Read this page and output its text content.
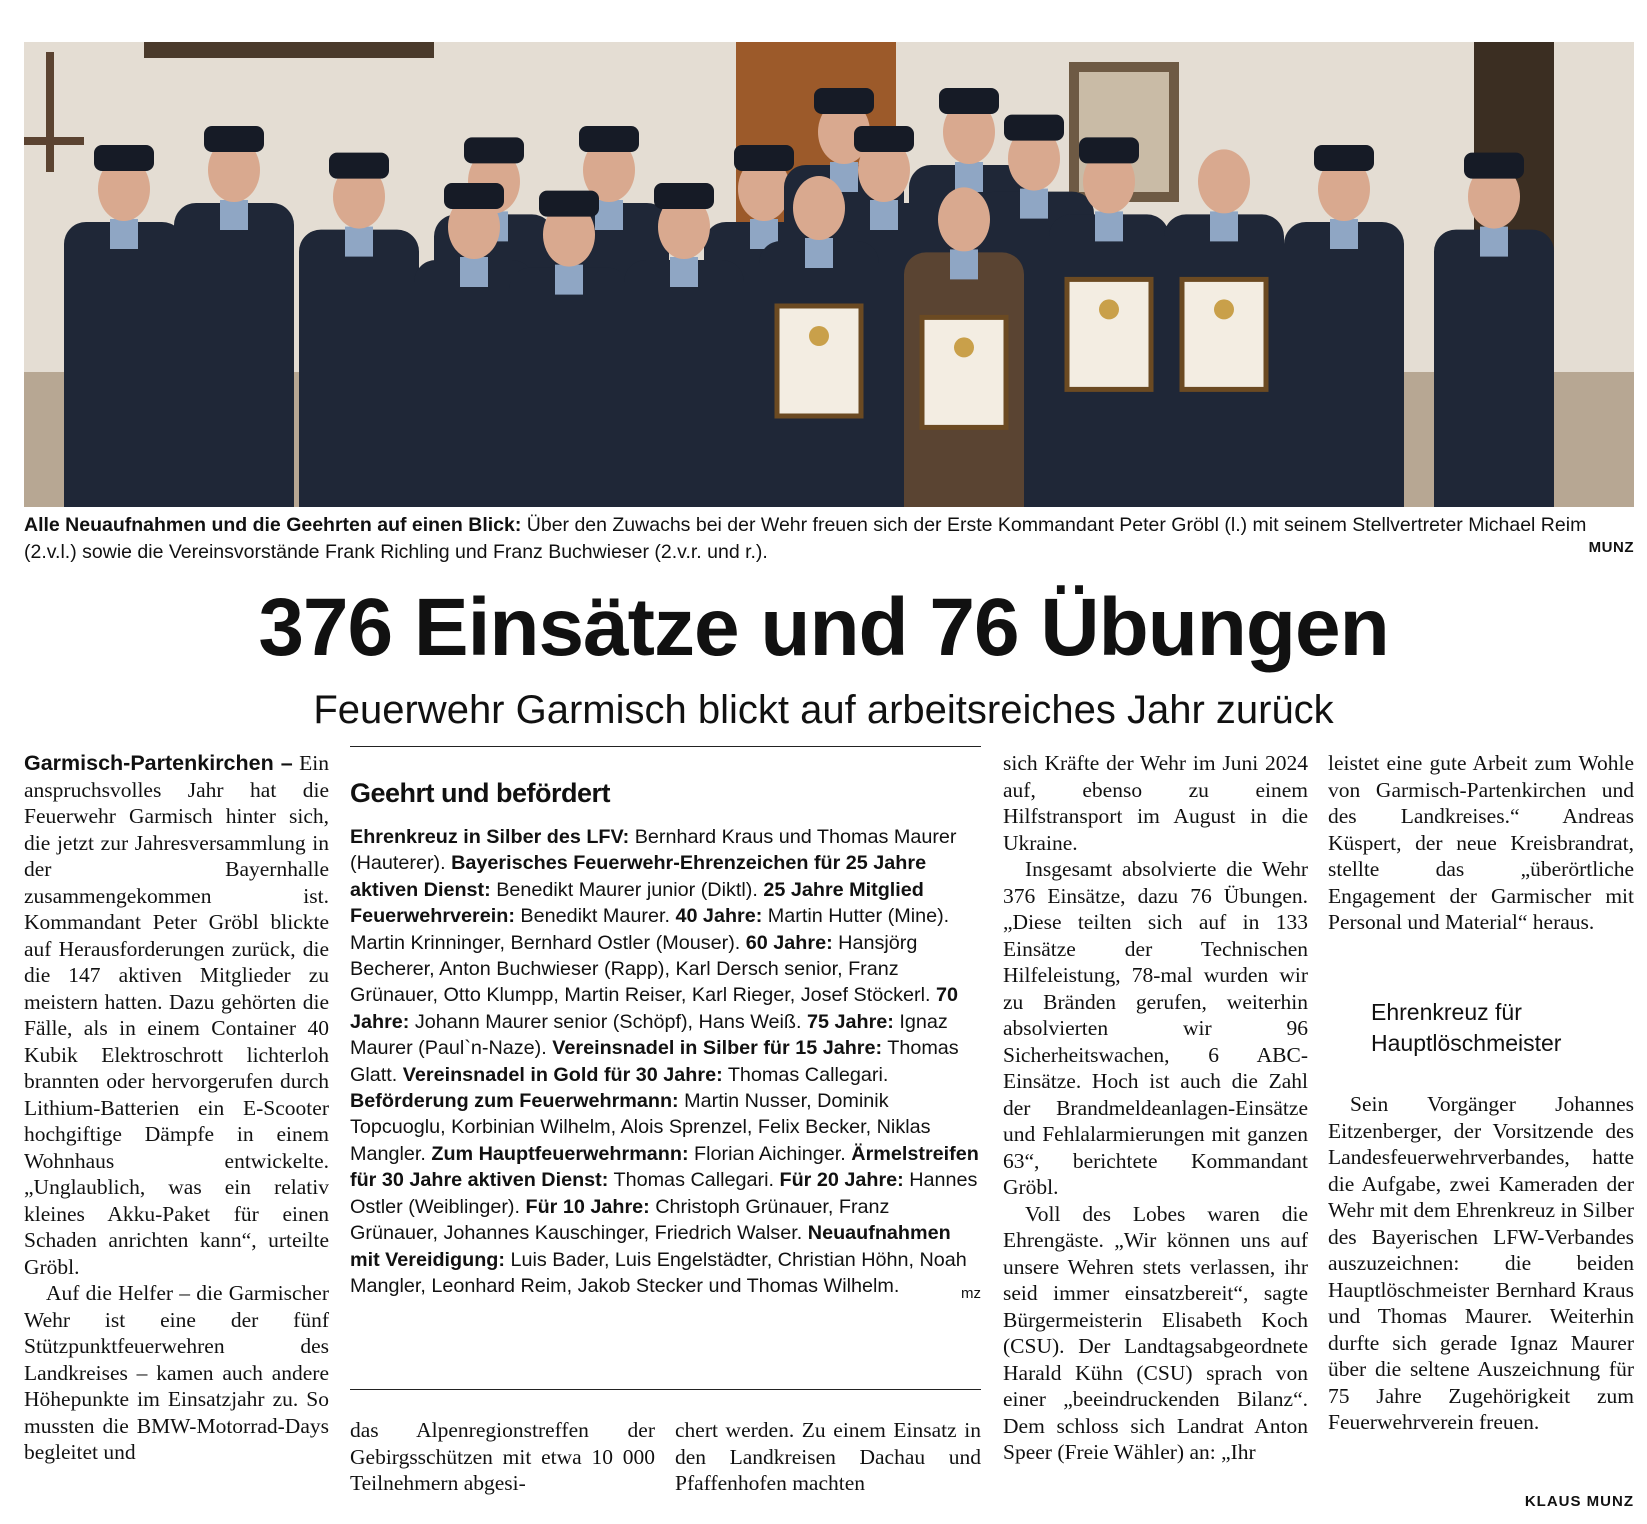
Alle Neuaufnahmen und die Geehrten auf einen Blick: Über den Zuwachs bei der Wehr freuen sich der Erste Kommandant Peter Gröbl (l.) mit seinem Stellvertreter Michael Reim (2.v.l.) sowie die Vereinsvorstände Frank Richling und Franz Buchwieser (2.v.r. und r.).	MUNZ
376 Einsätze und 76 Übungen
Feuerwehr Garmisch blickt auf arbeitsreiches Jahr zurück

Garmisch-Partenkirchen – Ein anspruchsvolles Jahr hat die Feuerwehr Garmisch hinter sich, die jetzt zur Jahresversammlung in der Bayernhalle zusammengekommen ist. Kommandant Peter Gröbl blickte auf Herausforderungen zurück, die die 147 aktiven Mitglieder zu meistern hatten. Dazu gehörten die Fälle, als in einem Container 40 Kubik Elektroschrott lichterloh brannten oder hervorgerufen durch Lithium-Batterien ein E-Scooter hochgiftige Dämpfe in einem Wohnhaus entwickelte. „Unglaublich, was ein relativ kleines Akku-Paket für einen Schaden anrichten kann“, urteilte Gröbl.

Auf die Helfer – die Garmischer Wehr ist eine der fünf Stützpunktfeuerwehren des Landkreises – kamen auch andere Höhepunkte im Einsatzjahr zu. So mussten die BMW-Motorrad-Days begleitet und

Geehrt und befördert
Ehrenkreuz in Silber des LFV: Bernhard Kraus und Thomas Maurer (Hauterer). Bayerisches Feuerwehr-Ehrenzeichen für 25 Jahre aktiven Dienst: Benedikt Maurer junior (Diktl). 25 Jahre Mitglied Feuerwehrverein: Benedikt Maurer. 40 Jahre: Martin Hutter (Mine). Martin Krinninger, Bernhard Ostler (Mouser). 60 Jahre: Hansjörg Becherer, Anton Buchwieser (Rapp), Karl Dersch senior, Franz Grünauer, Otto Klumpp, Martin Reiser, Karl Rieger, Josef Stöckerl. 70 Jahre: Johann Maurer senior (Schöpf), Hans Weiß. 75 Jahre: Ignaz Maurer (Paul`n-Naze). Vereinsnadel in Silber für 15 Jahre: Thomas Glatt. Vereinsnadel in Gold für 30 Jahre: Thomas Callegari. Beförderung zum Feuerwehrmann: Martin Nusser, Dominik Topcuoglu, Korbinian Wilhelm, Alois Sprenzel, Felix Becker, Niklas Mangler. Zum Hauptfeuerwehrmann: Florian Aichinger. Ärmelstreifen für 30 Jahre aktiven Dienst: Thomas Callegari. Für 20 Jahre: Hannes Ostler (Weiblinger). Für 10 Jahre: Christoph Grünauer, Franz Grünauer, Johannes Kauschinger, Friedrich Walser. Neuaufnahmen mit Vereidigung: Luis Bader, Luis Engelstädter, Christian Höhn, Noah Mangler, Leonhard Reim, Jakob Stecker und Thomas Wilhelm.	mz

das Alpenregionstreffen der Gebirgsschützen mit etwa 10 000 Teilnehmern abgesi-

chert werden. Zu einem Einsatz in den Landkreisen Dachau und Pfaffenhofen machten

sich Kräfte der Wehr im Juni 2024 auf, ebenso zu einem Hilfstransport im August in die Ukraine.

Insgesamt absolvierte die Wehr 376 Einsätze, dazu 76 Übungen. „Diese teilten sich auf in 133 Einsätze der Technischen Hilfeleistung, 78-mal wurden wir zu Bränden gerufen, weiterhin absolvierten wir 96 Sicherheitswachen, 6 ABC-Einsätze. Hoch ist auch die Zahl der Brandmeldeanlagen-Einsätze und Fehlalarmierungen mit ganzen 63“, berichtete Kommandant Gröbl.

Voll des Lobes waren die Ehrengäste. „Wir können uns auf unsere Wehren stets verlassen, ihr seid immer einsatzbereit“, sagte Bürgermeisterin Elisabeth Koch (CSU). Der Landtagsabgeordnete Harald Kühn (CSU) sprach von einer „beeindruckenden Bilanz“. Dem schloss sich Landrat Anton Speer (Freie Wähler) an: „Ihr

leistet eine gute Arbeit zum Wohle von Garmisch-Partenkirchen und des Landkreises.“ Andreas Küspert, der neue Kreisbrandrat, stellte das „überörtliche Engagement der Garmischer mit Personal und Material“ heraus.

Ehrenkreuz für Hauptlöschmeister

Sein Vorgänger Johannes Eitzenberger, der Vorsitzende des Landesfeuerwehrverbandes, hatte die Aufgabe, zwei Kameraden der Wehr mit dem Ehrenkreuz in Silber des Bayerischen LFW-Verbandes auszuzeichnen: die beiden Hauptlöschmeister Bernhard Kraus und Thomas Maurer. Weiterhin durfte sich gerade Ignaz Maurer über die seltene Auszeichnung für 75 Jahre Zugehörigkeit zum Feuerwehrverein freuen.

KLAUS MUNZ
